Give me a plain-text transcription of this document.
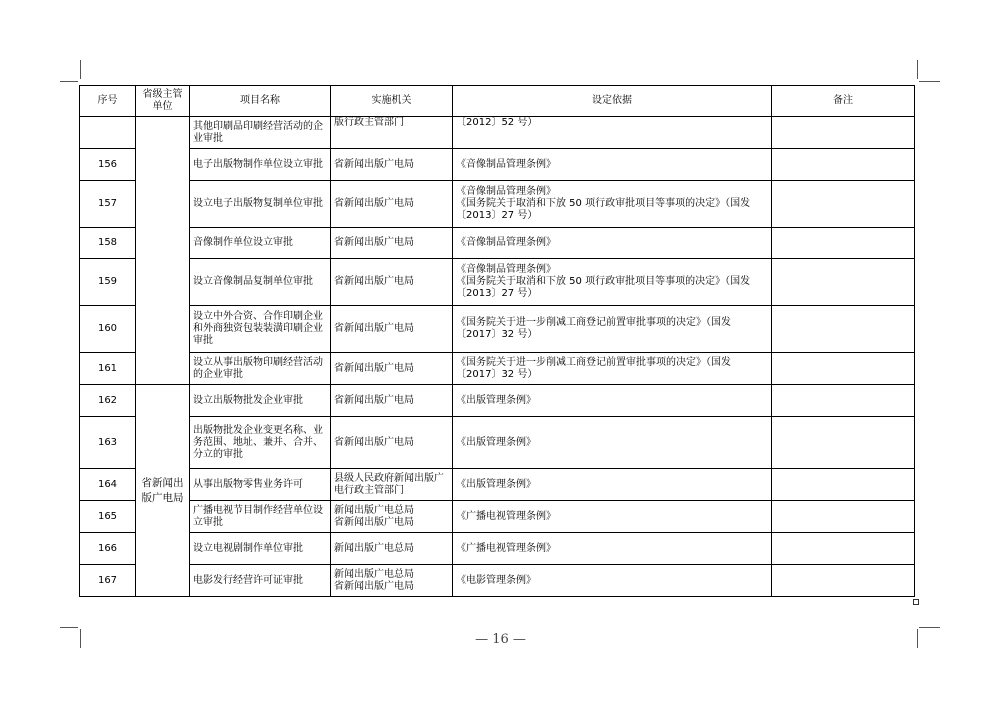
序号	省级主管单位	项目名称	实施机关	设定依据	备注
		其他印刷品印刷经营活动的企业审批	版行政主管部门	〔2012〕52 号）	

156		电子出版物制作单位设立审批	省新闻出版广电局	《音像制品管理条例》	

157		设立电子出版物复制单位审批	省新闻出版广电局	《音像制品管理条例》
《国务院关于取消和下放 50 项行政审批项目等事项的决定》（国发〔2013〕27 号）	

158		音像制作单位设立审批	省新闻出版广电局	《音像制品管理条例》	

159		设立音像制品复制单位审批	省新闻出版广电局	《音像制品管理条例》
《国务院关于取消和下放 50 项行政审批项目等事项的决定》（国发〔2013〕27 号）	

160		设立中外合资、合作印刷企业和外商独资包装装潢印刷企业审批	省新闻出版广电局	《国务院关于进一步削减工商登记前置审批事项的决定》（国发〔2017〕32 号）	

161		设立从事出版物印刷经营活动的企业审批	省新闻出版广电局	《国务院关于进一步削减工商登记前置审批事项的决定》（国发〔2017〕32 号）	

162	省新闻出版广电局	设立出版物批发企业审批	省新闻出版广电局	《出版管理条例》	

163		出版物批发企业变更名称、业务范围、地址、兼并、合并、分立的审批	省新闻出版广电局	《出版管理条例》	

164		从事出版物零售业务许可	县级人民政府新闻出版广电行政主管部门	《出版管理条例》	

165		广播电视节目制作经营单位设立审批	新闻出版广电总局
省新闻出版广电局	《广播电视管理条例》	

166		设立电视剧制作单位审批	新闻出版广电总局	《广播电视管理条例》	

167		电影发行经营许可证审批	新闻出版广电总局
省新闻出版广电局	《电影管理条例》	

— 16 —
